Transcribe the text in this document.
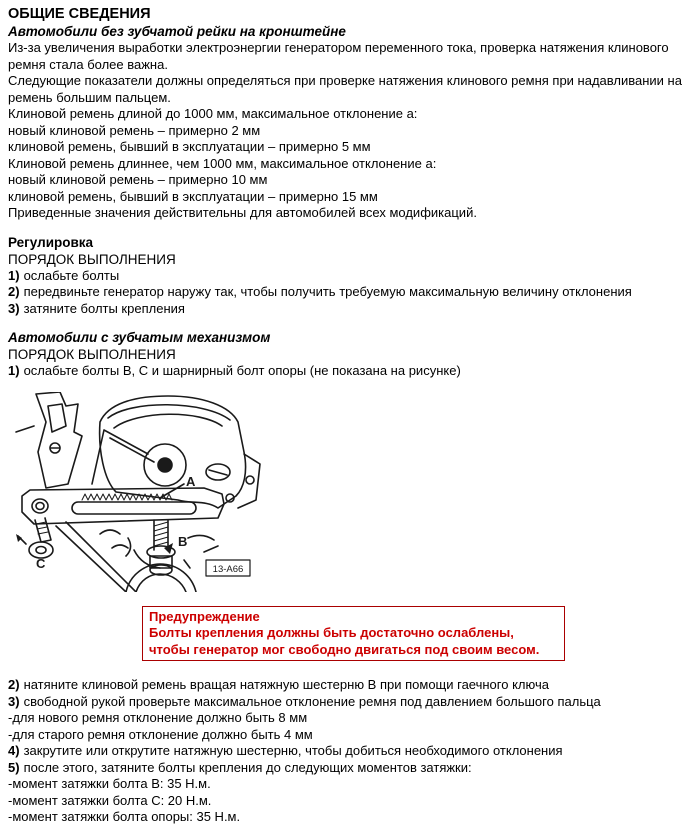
ОБЩИЕ СВЕДЕНИЯ
Автомобили без зубчатой рейки на кронштейне
Из-за увеличения выработки электроэнергии генератором переменного тока, проверка натяжения клинового
ремня стала более важна.
Следующие показатели должны определяться при проверке натяжения клинового ремня при надавливании на
ремень большим пальцем.
Клиновой ремень длиной до 1000 мм, максимальное отклонение а:
новый клиновой ремень – примерно 2 мм
клиновой ремень, бывший в эксплуатации – примерно 5 мм
Клиновой ремень длиннее, чем 1000 мм, максимальное отклонение а:
новый клиновой ремень – примерно 10 мм
клиновой ремень, бывший в эксплуатации – примерно 15 мм
Приведенные значения действительны для автомобилей всех модификаций.
Регулировка
ПОРЯДОК ВЫПОЛНЕНИЯ
1) ослабьте болты
2) передвиньте генератор наружу так, чтобы получить требуемую максимальную величину отклонения
3) затяните болты крепления
Автомобили с зубчатым механизмом
ПОРЯДОК ВЫПОЛНЕНИЯ
1) ослабьте болты B, C и шарнирный болт опоры (не показана на рисунке)
A
B
C	13-A66
Предупреждение
Болты крепления должны быть достаточно ослаблены,
чтобы генератор мог свободно двигаться под своим весом.
2) натяните клиновой ремень вращая натяжную шестерню B при помощи гаечного ключа
3) свободной рукой проверьте максимальное отклонение ремня под давлением большого пальца
-для нового ремня отклонение должно быть 8 мм
-для старого ремня отклонение должно быть 4 мм
4) закрутите или открутите натяжную шестерню, чтобы добиться необходимого отклонения
5) после этого, затяните болты крепления до следующих моментов затяжки:
-момент затяжки болта B: 35 Н.м.
-момент затяжки болта C: 20 Н.м.
-момент затяжки болта опоры: 35 Н.м.
